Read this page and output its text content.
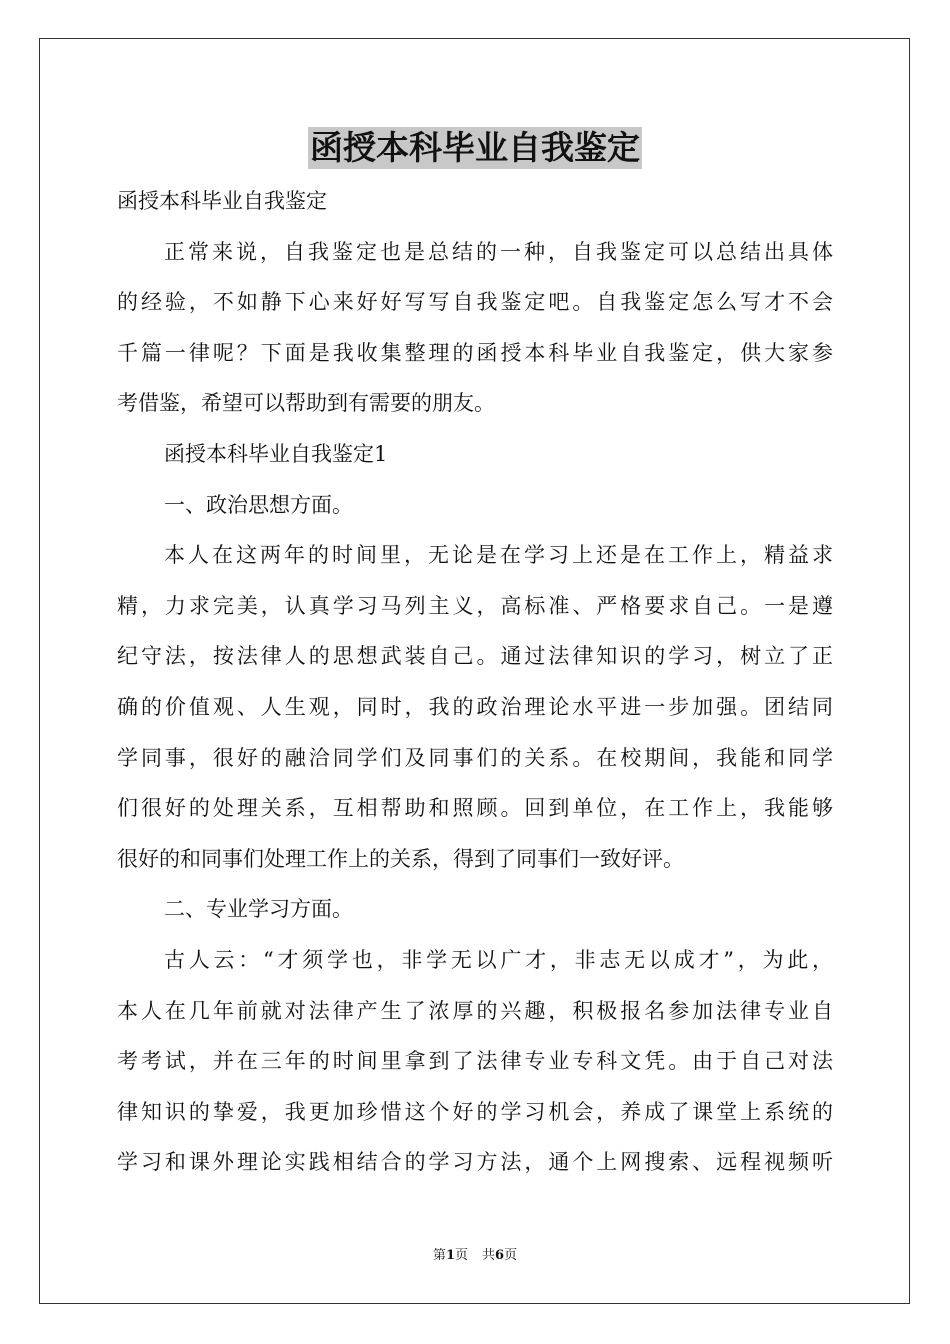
函授本科毕业自我鉴定
函授本科毕业自我鉴定
正常来说，自我鉴定也是总结的一种，自我鉴定可以总结出具体
的经验，不如静下心来好好写写自我鉴定吧。自我鉴定怎么写才不会
千篇一律呢？下面是我收集整理的函授本科毕业自我鉴定，供大家参
考借鉴，希望可以帮助到有需要的朋友。
函授本科毕业自我鉴定1
一、政治思想方面。
本人在这两年的时间里，无论是在学习上还是在工作上，精益求
精，力求完美，认真学习马列主义，高标准、严格要求自己。一是遵
纪守法，按法律人的思想武装自己。通过法律知识的学习，树立了正
确的价值观、人生观，同时，我的政治理论水平进一步加强。团结同
学同事，很好的融洽同学们及同事们的关系。在校期间，我能和同学
们很好的处理关系，互相帮助和照顾。回到单位，在工作上，我能够
很好的和同事们处理工作上的关系，得到了同事们一致好评。
二、专业学习方面。
古人云：“才须学也，非学无以广才，非志无以成才”，为此，
本人在几年前就对法律产生了浓厚的兴趣，积极报名参加法律专业自
考考试，并在三年的时间里拿到了法律专业专科文凭。由于自己对法
律知识的挚爱，我更加珍惜这个好的学习机会，养成了课堂上系统的
学习和课外理论实践相结合的学习方法，通个上网搜索、远程视频听
第1页 共6页
